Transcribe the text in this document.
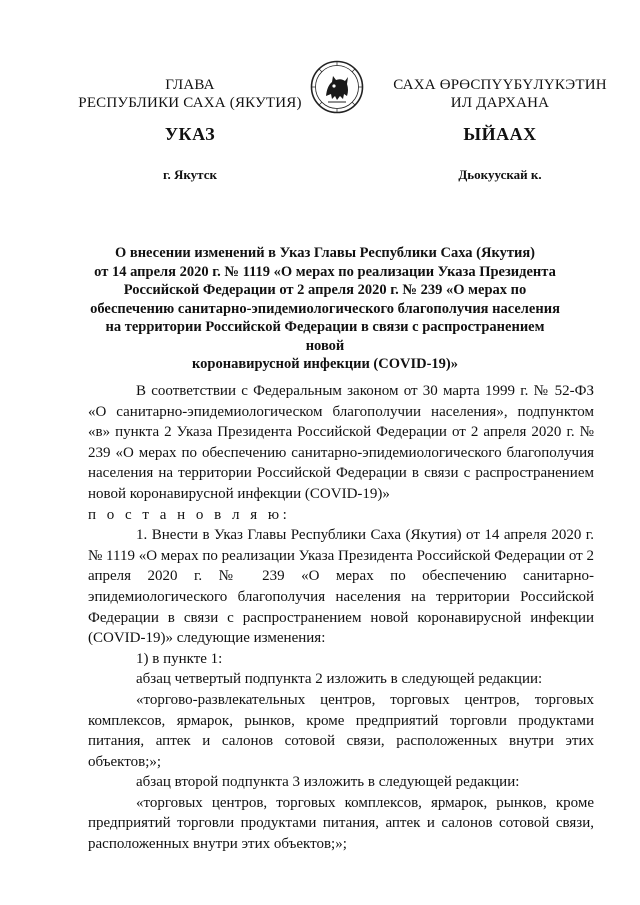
ГЛАВА
РЕСПУБЛИКИ САХА (ЯКУТИЯ)
САХА ӨРӨСПҮҮБҮЛҮКЭТИН
ИЛ ДАРХАНА
УКАЗ	ЫЙААХ
г. Якутск	Дьокуускай к.
О внесении изменений в Указ Главы Республики Саха (Якутия)
от 14 апреля 2020 г. № 1119 «О мерах по реализации Указа Президента
Российской Федерации от 2 апреля 2020 г. № 239 «О мерах по
обеспечению санитарно-эпидемиологического благополучия населения
на территории Российской Федерации в связи с распространением новой
коронавирусной инфекции (COVID-19)»

В соответствии с Федеральным законом от 30 марта 1999 г. № 52-ФЗ «О санитарно-эпидемиологическом благополучии населения», подпунктом «в» пункта 2 Указа Президента Российской Федерации от 2 апреля 2020 г. № 239 «О мерах по обеспечению санитарно-эпидемиологического благополучия населения на территории Российской Федерации в связи с распространением новой коронавирусной инфекции (COVID-19)»

п о с т а н о в л я ю:

1. Внести в Указ Главы Республики Саха (Якутия) от 14 апреля 2020 г. № 1119 «О мерах по реализации Указа Президента Российской Федерации от 2 апреля 2020 г. № 239 «О мерах по обеспечению санитарно-эпидемиологического благополучия населения на территории Российской Федерации в связи с распространением новой коронавирусной инфекции (COVID-19)» следующие изменения:

1) в пункте 1:

абзац четвертый подпункта 2 изложить в следующей редакции:

«торгово-развлекательных центров, торговых центров, торговых комплексов, ярмарок, рынков, кроме предприятий торговли продуктами питания, аптек и салонов сотовой связи, расположенных внутри этих объектов;»;

абзац второй подпункта 3 изложить в следующей редакции:

«торговых центров, торговых комплексов, ярмарок, рынков, кроме предприятий торговли продуктами питания, аптек и салонов сотовой связи, расположенных внутри этих объектов;»;
